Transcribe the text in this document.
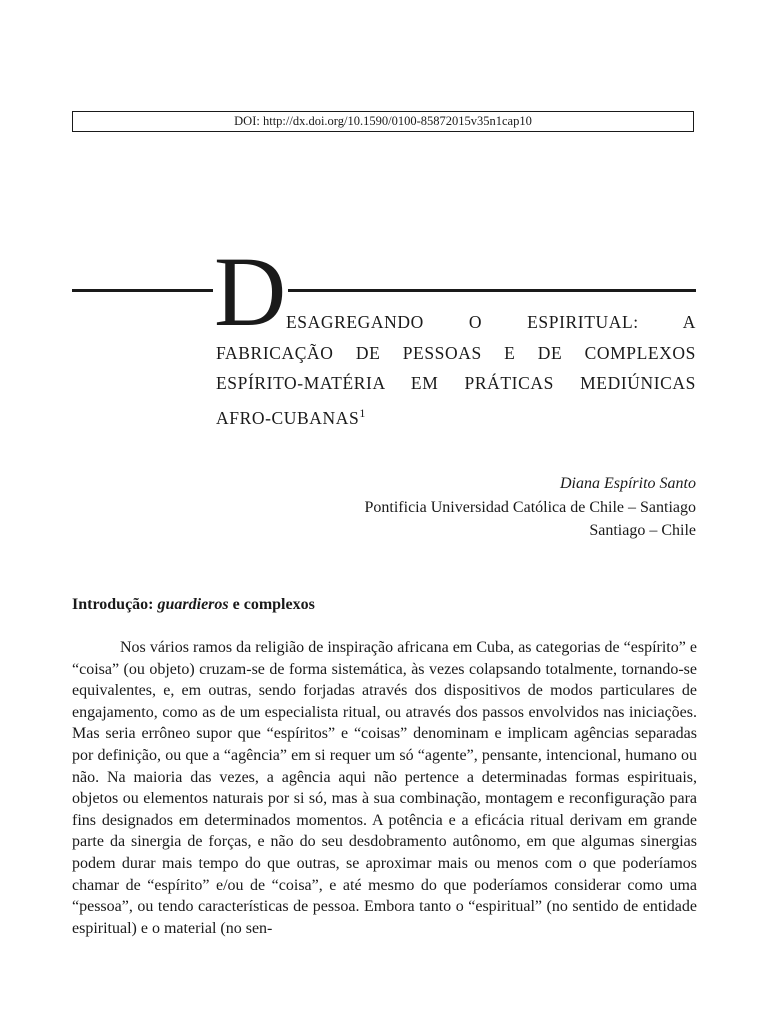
DOI: http://dx.doi.org/10.1590/0100-85872015v35n1cap10
D ESAGREGANDO O ESPIRITUAL: A
FABRICAÇÃO DE PESSOAS E DE COMPLEXOS
ESPÍRITO-MATÉRIA EM PRÁTICAS MEDIÚNICAS
AFRO-CUBANAS$^1$
Diana Espírito Santo
Pontificia Universidad Católica de Chile – Santiago
Santiago – Chile
Introdução: guardieros e complexos
Nos vários ramos da religião de inspiração africana em Cuba, as categorias de “espírito” e “coisa” (ou objeto) cruzam-se de forma sistemática, às vezes colapsando totalmente, tornando-se equivalentes, e, em outras, sendo forjadas através dos dispositivos de modos particulares de engajamento, como as de um especialista ritual, ou através dos passos envolvidos nas iniciações. Mas seria errôneo supor que “espíritos” e “coisas” denominam e implicam agências separadas por definição, ou que a “agência” em si requer um só “agente”, pensante, intencional, humano ou não. Na maioria das vezes, a agência aqui não pertence a determinadas formas espirituais, objetos ou elementos naturais por si só, mas à sua combinação, montagem e reconfiguração para fins designados em determinados momentos. A potência e a eficácia ritual derivam em grande parte da sinergia de forças, e não do seu desdobramento autônomo, em que algumas sinergias podem durar mais tempo do que outras, se aproximar mais ou menos com o que poderíamos chamar de “espírito” e/ou de “coisa”, e até mesmo do que poderíamos considerar como uma “pessoa”, ou tendo características de pessoa. Embora tanto o “espiritual” (no sentido de entidade espiritual) e o material (no sen-
